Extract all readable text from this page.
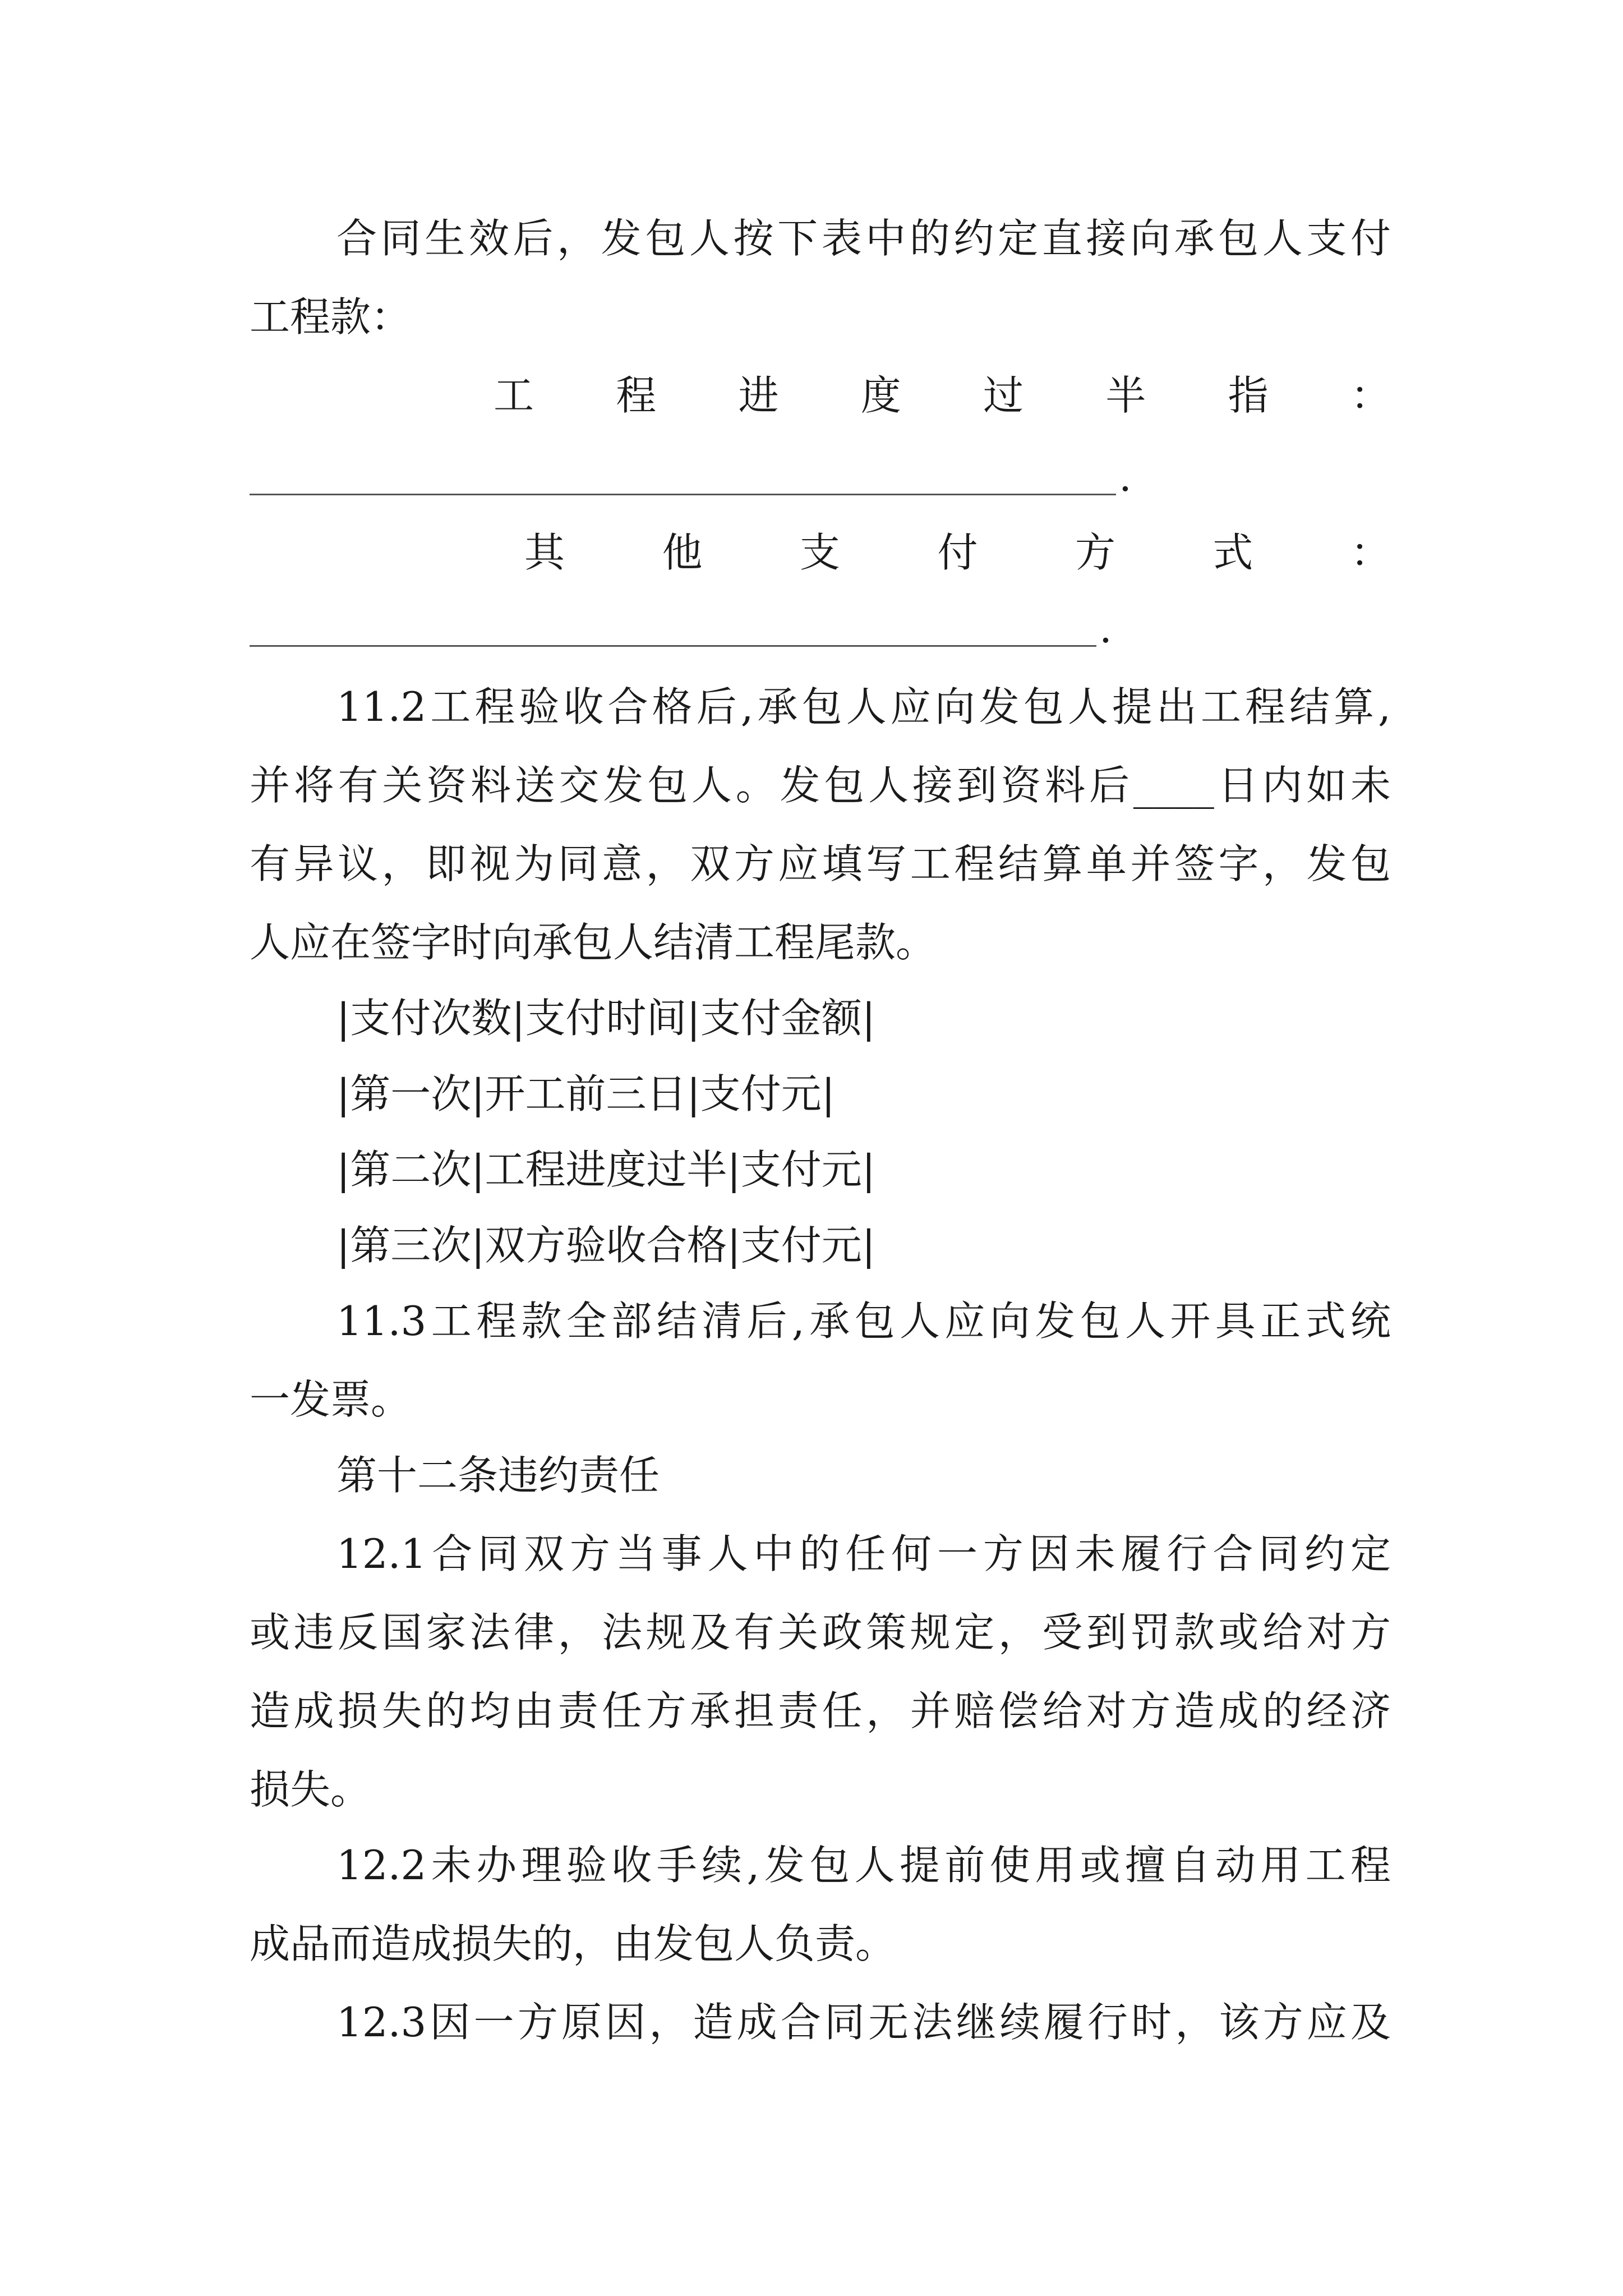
合同生效后，发包人按下表中的约定直接向承包人支付
工程款：
工 程 进 度 过 半 指 ：
.
其 他 支 付 方 式 ：
.
11.2工程验收合格后,承包人应向发包人提出工程结算,
并将有关资料送交发包人。发包人接到资料后____日内如未
有异议，即视为同意，双方应填写工程结算单并签字，发包
人应在签字时向承包人结清工程尾款。
|支付次数|支付时间|支付金额|
|第一次|开工前三日|支付元|
|第二次|工程进度过半|支付元|
|第三次|双方验收合格|支付元|
11.3工程款全部结清后,承包人应向发包人开具正式统
一发票。
第十二条违约责任
12.1合同双方当事人中的任何一方因未履行合同约定
或违反国家法律，法规及有关政策规定，受到罚款或给对方
造成损失的均由责任方承担责任，并赔偿给对方造成的经济
损失。
12.2未办理验收手续,发包人提前使用或擅自动用工程
成品而造成损失的，由发包人负责。
12.3因一方原因，造成合同无法继续履行时，该方应及
